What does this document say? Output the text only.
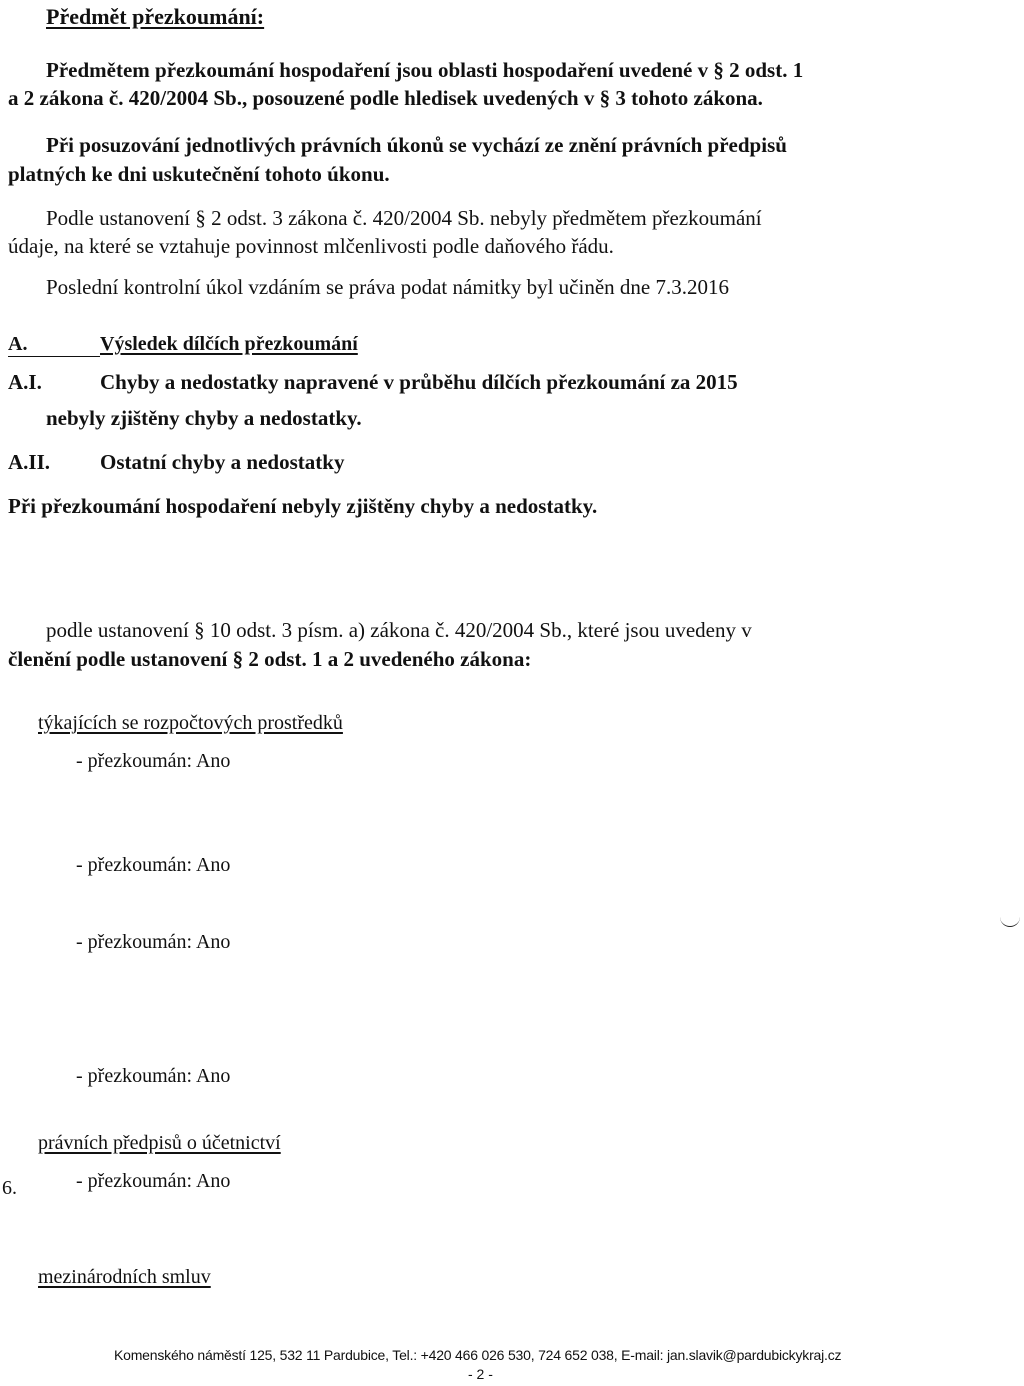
Předmět přezkoumání:
Předmětem přezkoumání hospodaření jsou oblasti hospodaření uvedené v § 2 odst. 1
a 2 zákona č. 420/2004 Sb., posouzené podle hledisek uvedených v § 3 tohoto zákona.
Při posuzování jednotlivých právních úkonů se vychází ze znění právních předpisů
platných ke dni uskutečnění tohoto úkonu.
Podle ustanovení § 2 odst. 3 zákona č. 420/2004 Sb. nebyly předmětem přezkoumání
údaje, na které se vztahuje povinnost mlčenlivosti podle daňového řádu.
Poslední kontrolní úkol vzdáním se práva podat námitky byl učiněn dne 7.3.2016
A.	Výsledek dílčích přezkoumání
A.I.	Chyby a nedostatky napravené v průběhu dílčích přezkoumání za 2015
nebyly zjištěny chyby a nedostatky.
A.II. Ostatní chyby a nedostatky
Při přezkoumání hospodaření nebyly zjištěny chyby a nedostatky.
podle ustanovení § 10 odst. 3 písm. a) zákona č. 420/2004 Sb., které jsou uvedeny v
členění podle ustanovení § 2 odst. 1 a 2 uvedeného zákona:
týkajících se rozpočtových prostředků
- přezkoumán: Ano
- přezkoumán: Ano
- přezkoumán: Ano
- přezkoumán: Ano
právních předpisů o účetnictví
- přezkoumán: Ano
6.
mezinárodních smluv
Komenského náměstí 125, 532 11 Pardubice, Tel.: +420 466 026 530, 724 652 038, E-mail: jan.slavik@pardubickykraj.cz
- 2 -
